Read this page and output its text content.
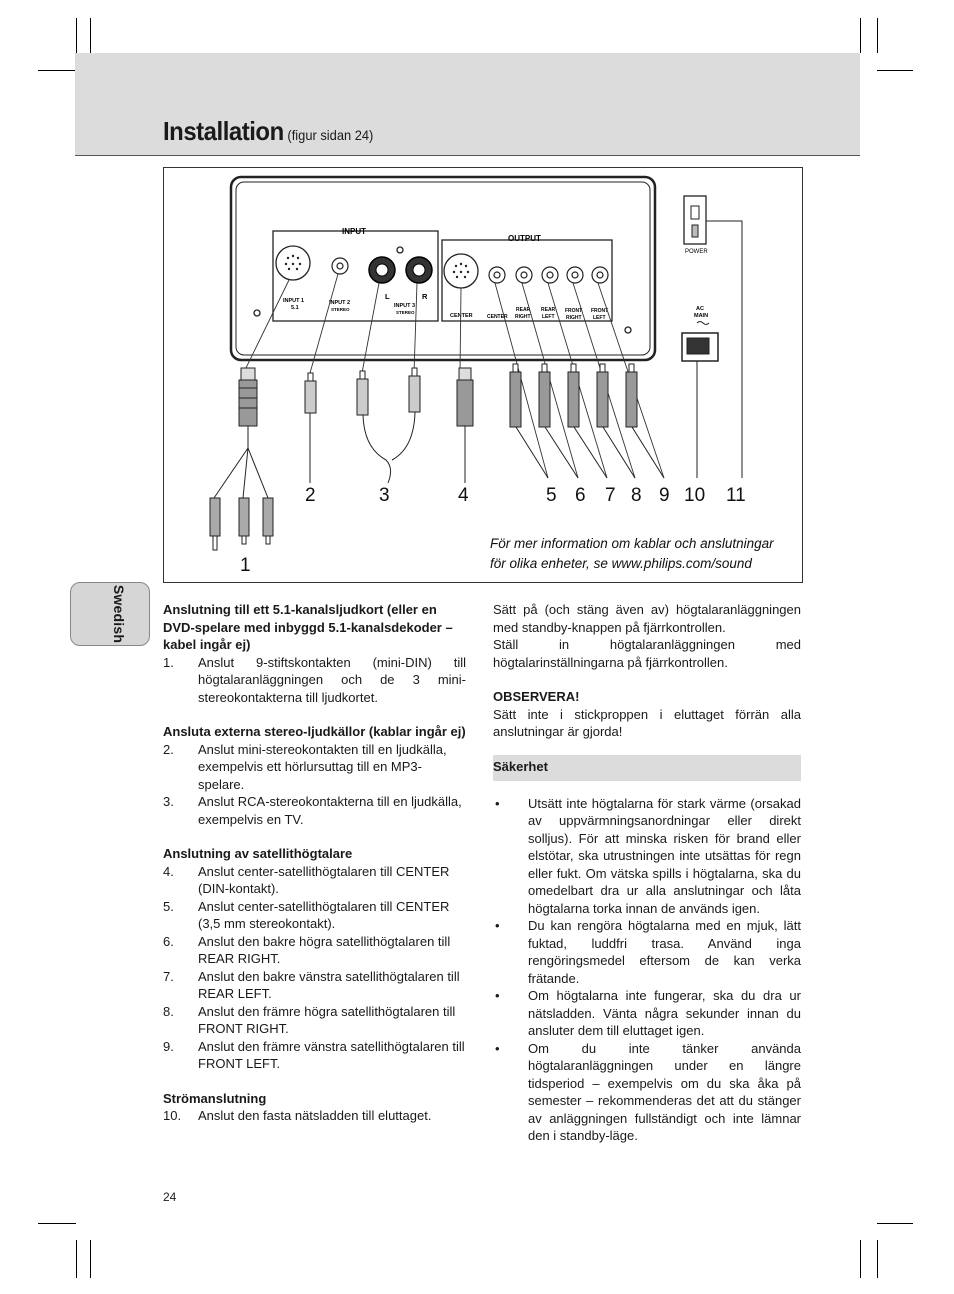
Installation (figur sidan 24)
INPUT
OUTPUT
L	R
INPUT 1
5.1
INPUT 2
STEREO
INPUT 3
STEREO
CENTER	CENTER
REAR
RIGHT
REAR
LEFT
FRONT
RIGHT
FRONT
LEFT
POWER
AC
MAIN
1
2	3	4	5 6 7 8 9 10 11
För mer information om kablar och anslutningar
för olika enheter, se www.philips.com/sound
Swedish	Anslutning till ett 5.1-kanalsljudkort (eller en DVD-spelare med inbyggd 5.1-kanalsdekoder – kabel ingår ej)
1. Anslut 9-stiftskontakten (mini-DIN) till högtalaranläggningen och de 3 mini-stereokontakterna till ljudkortet.
Ansluta externa stereo-ljudkällor (kablar ingår ej)
2. Anslut mini-stereokontakten till en ljudkälla, exempelvis ett hörlursuttag till en MP3-spelare.
3. Anslut RCA-stereokontakterna till en ljudkälla, exempelvis en TV.
Anslutning av satellithögtalare
4. Anslut center-satellithögtalaren till CENTER (DIN-kontakt).
5. Anslut center-satellithögtalaren till CENTER (3,5 mm stereokontakt).
6. Anslut den bakre högra satellithögtalaren till REAR RIGHT.
7. Anslut den bakre vänstra satellithögtalaren till REAR LEFT.
8. Anslut den främre högra satellithögtalaren till FRONT RIGHT.
9. Anslut den främre vänstra satellithögtalaren till FRONT LEFT.
Strömanslutning
10. Anslut den fasta nätsladden till eluttaget.
Sätt på (och stäng även av) högtalaranläggningen med standby-knappen på fjärrkontrollen.
Ställ in högtalaranläggningen med högtalarinställningarna på fjärrkontrollen.
OBSERVERA!
Sätt inte i stickproppen i eluttaget förrän alla anslutningar är gjorda!
Säkerhet
• Utsätt inte högtalarna för stark värme (orsakad av uppvärmningsanordningar eller direkt solljus). För att minska risken för brand eller elstötar, ska utrustningen inte utsättas för regn eller fukt. Om vätska spills i högtalarna, ska du omedelbart dra ur alla anslutningar och låta högtalarna torka innan de används igen.
• Du kan rengöra högtalarna med en mjuk, lätt fuktad, luddfri trasa. Använd inga rengöringsmedel eftersom de kan verka frätande.
• Om högtalarna inte fungerar, ska du dra ur nätsladden. Vänta några sekunder innan du ansluter dem till eluttaget igen.
• Om du inte tänker använda högtalaranläggningen under en längre tidsperiod – exempelvis om du ska åka på semester – rekommenderas det att du stänger av anläggningen fullständigt och inte lämnar den i standby-läge.
24
